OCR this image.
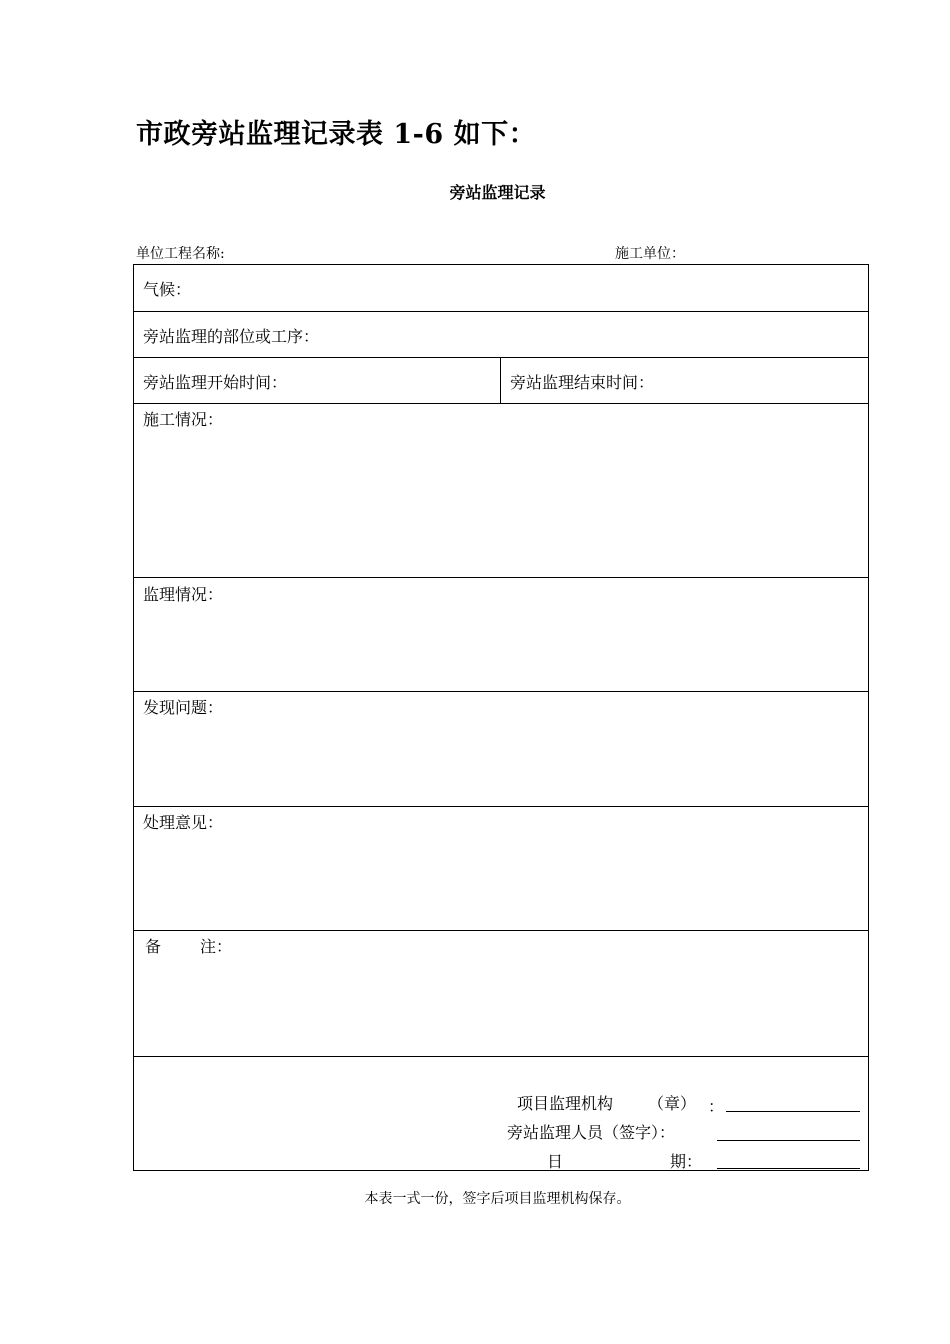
市政旁站监理记录表 1-6 如下：
旁站监理记录
单位工程名称:	施工单位：
气候：
旁站监理的部位或工序：
旁站监理开始时间：	旁站监理结束时间：
施工情况：
监理情况：
发现问题：
处理意见：
备 注：
项目监理机构 （章） ：
旁站监理人员（签字）：
日	期：
本表一式一份，签字后项目监理机构保存。
